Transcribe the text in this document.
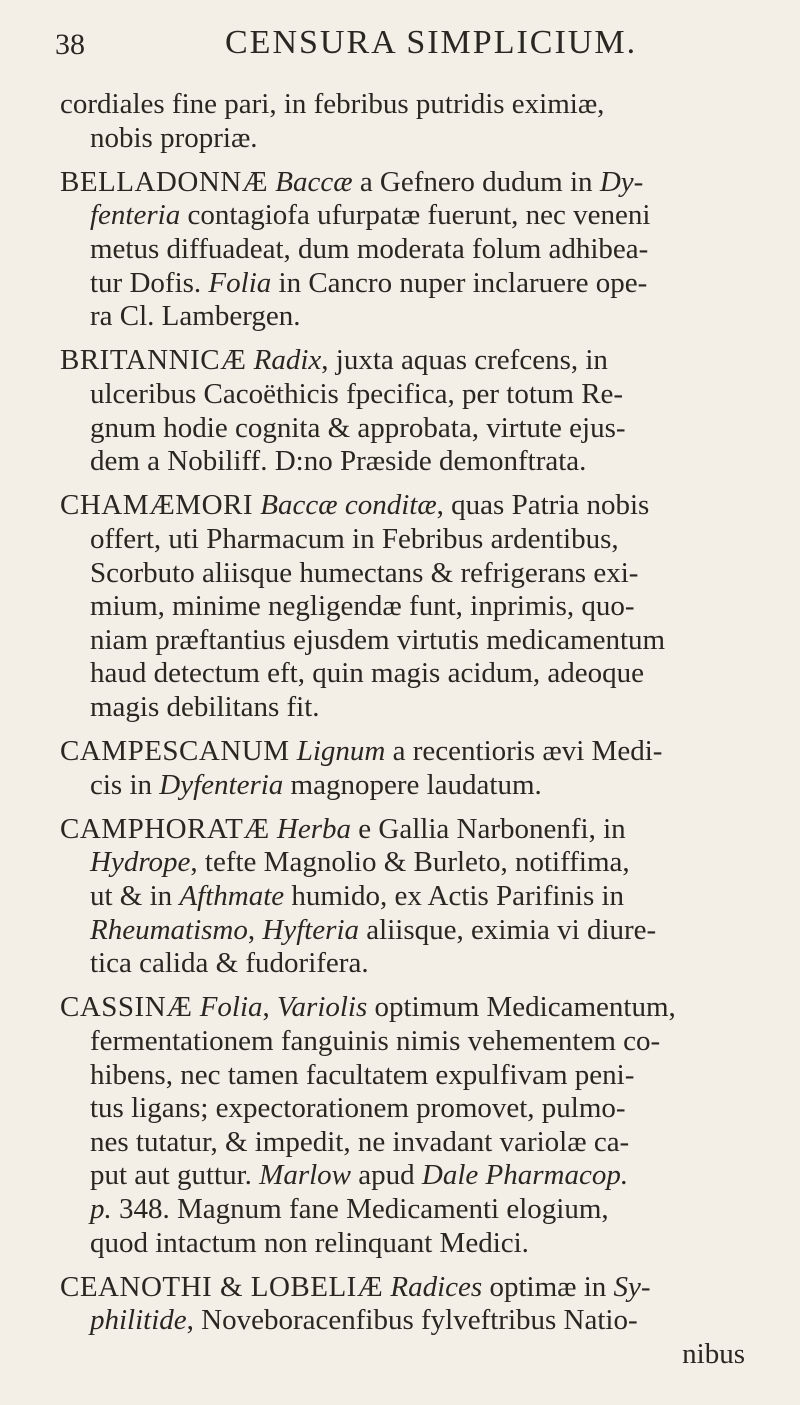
38	CENSURA SIMPLICIUM.
cordiales fine pari, in febribus putridis eximiæ,
nobis propriæ.
BELLADONNÆ Baccæ a Gefnero dudum in Dy-
fenteria contagiofa ufurpatæ fuerunt, nec veneni
metus diffuadeat, dum moderata folum adhibea-
tur Dofis. Folia in Cancro nuper inclaruere ope-
ra Cl. Lambergen.
BRITANNICÆ Radix, juxta aquas crefcens, in
ulceribus Cacoëthicis fpecifica, per totum Re-
gnum hodie cognita & approbata, virtute ejus-
dem a Nobiliff. D:no Præside demonftrata.
CHAMÆMORI Baccæ conditæ, quas Patria nobis
offert, uti Pharmacum in Febribus ardentibus,
Scorbuto aliisque humectans & refrigerans exi-
mium, minime negligendæ funt, inprimis, quo-
niam præftantius ejusdem virtutis medicamentum
haud detectum eft, quin magis acidum, adeoque
magis debilitans fit.
CAMPESCANUM Lignum a recentioris ævi Medi-
cis in Dyfenteria magnopere laudatum.
CAMPHORATÆ Herba e Gallia Narbonenfi, in
Hydrope, tefte Magnolio & Burleto, notiffima,
ut & in Afthmate humido, ex Actis Parifinis in
Rheumatismo, Hyfteria aliisque, eximia vi diure-
tica calida & fudorifera.
CASSINÆ Folia, Variolis optimum Medicamentum,
fermentationem fanguinis nimis vehementem co-
hibens, nec tamen facultatem expulfivam peni-
tus ligans; expectorationem promovet, pulmo-
nes tutatur, & impedit, ne invadant variolæ ca-
put aut guttur. Marlow apud Dale Pharmacop.
p. 348. Magnum fane Medicamenti elogium,
quod intactum non relinquant Medici.
CEANOTHI & LOBELIÆ Radices optimæ in Sy-
philitide, Noveboracenfibus fylveftribus Natio-
nibus
